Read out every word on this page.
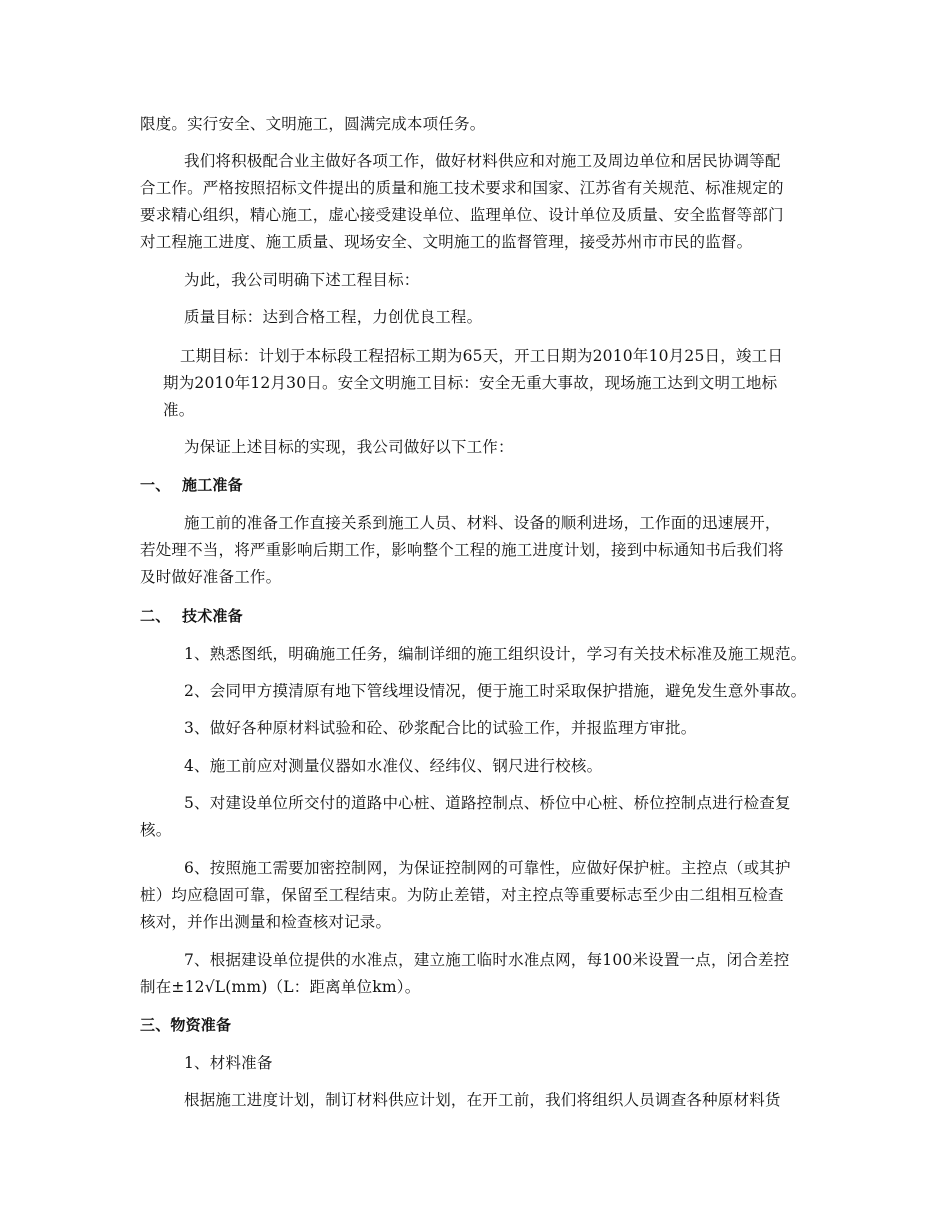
限度。实行安全、文明施工，圆满完成本项任务。
我们将积极配合业主做好各项工作，做好材料供应和对施工及周边单位和居民协调等配
合工作。严格按照招标文件提出的质量和施工技术要求和国家、江苏省有关规范、标准规定的
要求精心组织，精心施工，虚心接受建设单位、监理单位、设计单位及质量、安全监督等部门
对工程施工进度、施工质量、现场安全、文明施工的监督管理，接受苏州市市民的监督。
为此，我公司明确下述工程目标：
质量目标：达到合格工程，力创优良工程。
工期目标：计划于本标段工程招标工期为65天，开工日期为2010年10月25日，竣工日
期为2010年12月30日。安全文明施工目标：安全无重大事故，现场施工达到文明工地标
准。
为保证上述目标的实现，我公司做好以下工作：
一、 施工准备
施工前的准备工作直接关系到施工人员、材料、设备的顺利进场，工作面的迅速展开，
若处理不当，将严重影响后期工作，影响整个工程的施工进度计划，接到中标通知书后我们将
及时做好准备工作。
二、 技术准备
1、熟悉图纸，明确施工任务，编制详细的施工组织设计，学习有关技术标准及施工规范。
2、会同甲方摸清原有地下管线埋设情况，便于施工时采取保护措施，避免发生意外事故。
3、做好各种原材料试验和砼、砂浆配合比的试验工作，并报监理方审批。
4、施工前应对测量仪器如水准仪、经纬仪、钢尺进行校核。
5、对建设单位所交付的道路中心桩、道路控制点、桥位中心桩、桥位控制点进行检查复
核。
6、按照施工需要加密控制网，为保证控制网的可靠性，应做好保护桩。主控点（或其护
桩）均应稳固可靠，保留至工程结束。为防止差错，对主控点等重要标志至少由二组相互检查
核对，并作出测量和检查核对记录。
7、根据建设单位提供的水准点，建立施工临时水准点网，每100米设置一点，闭合差控
制在±12√L(mm)（L：距离单位km）。
三、物资准备
1、材料准备
根据施工进度计划，制订材料供应计划，在开工前，我们将组织人员调查各种原材料货
